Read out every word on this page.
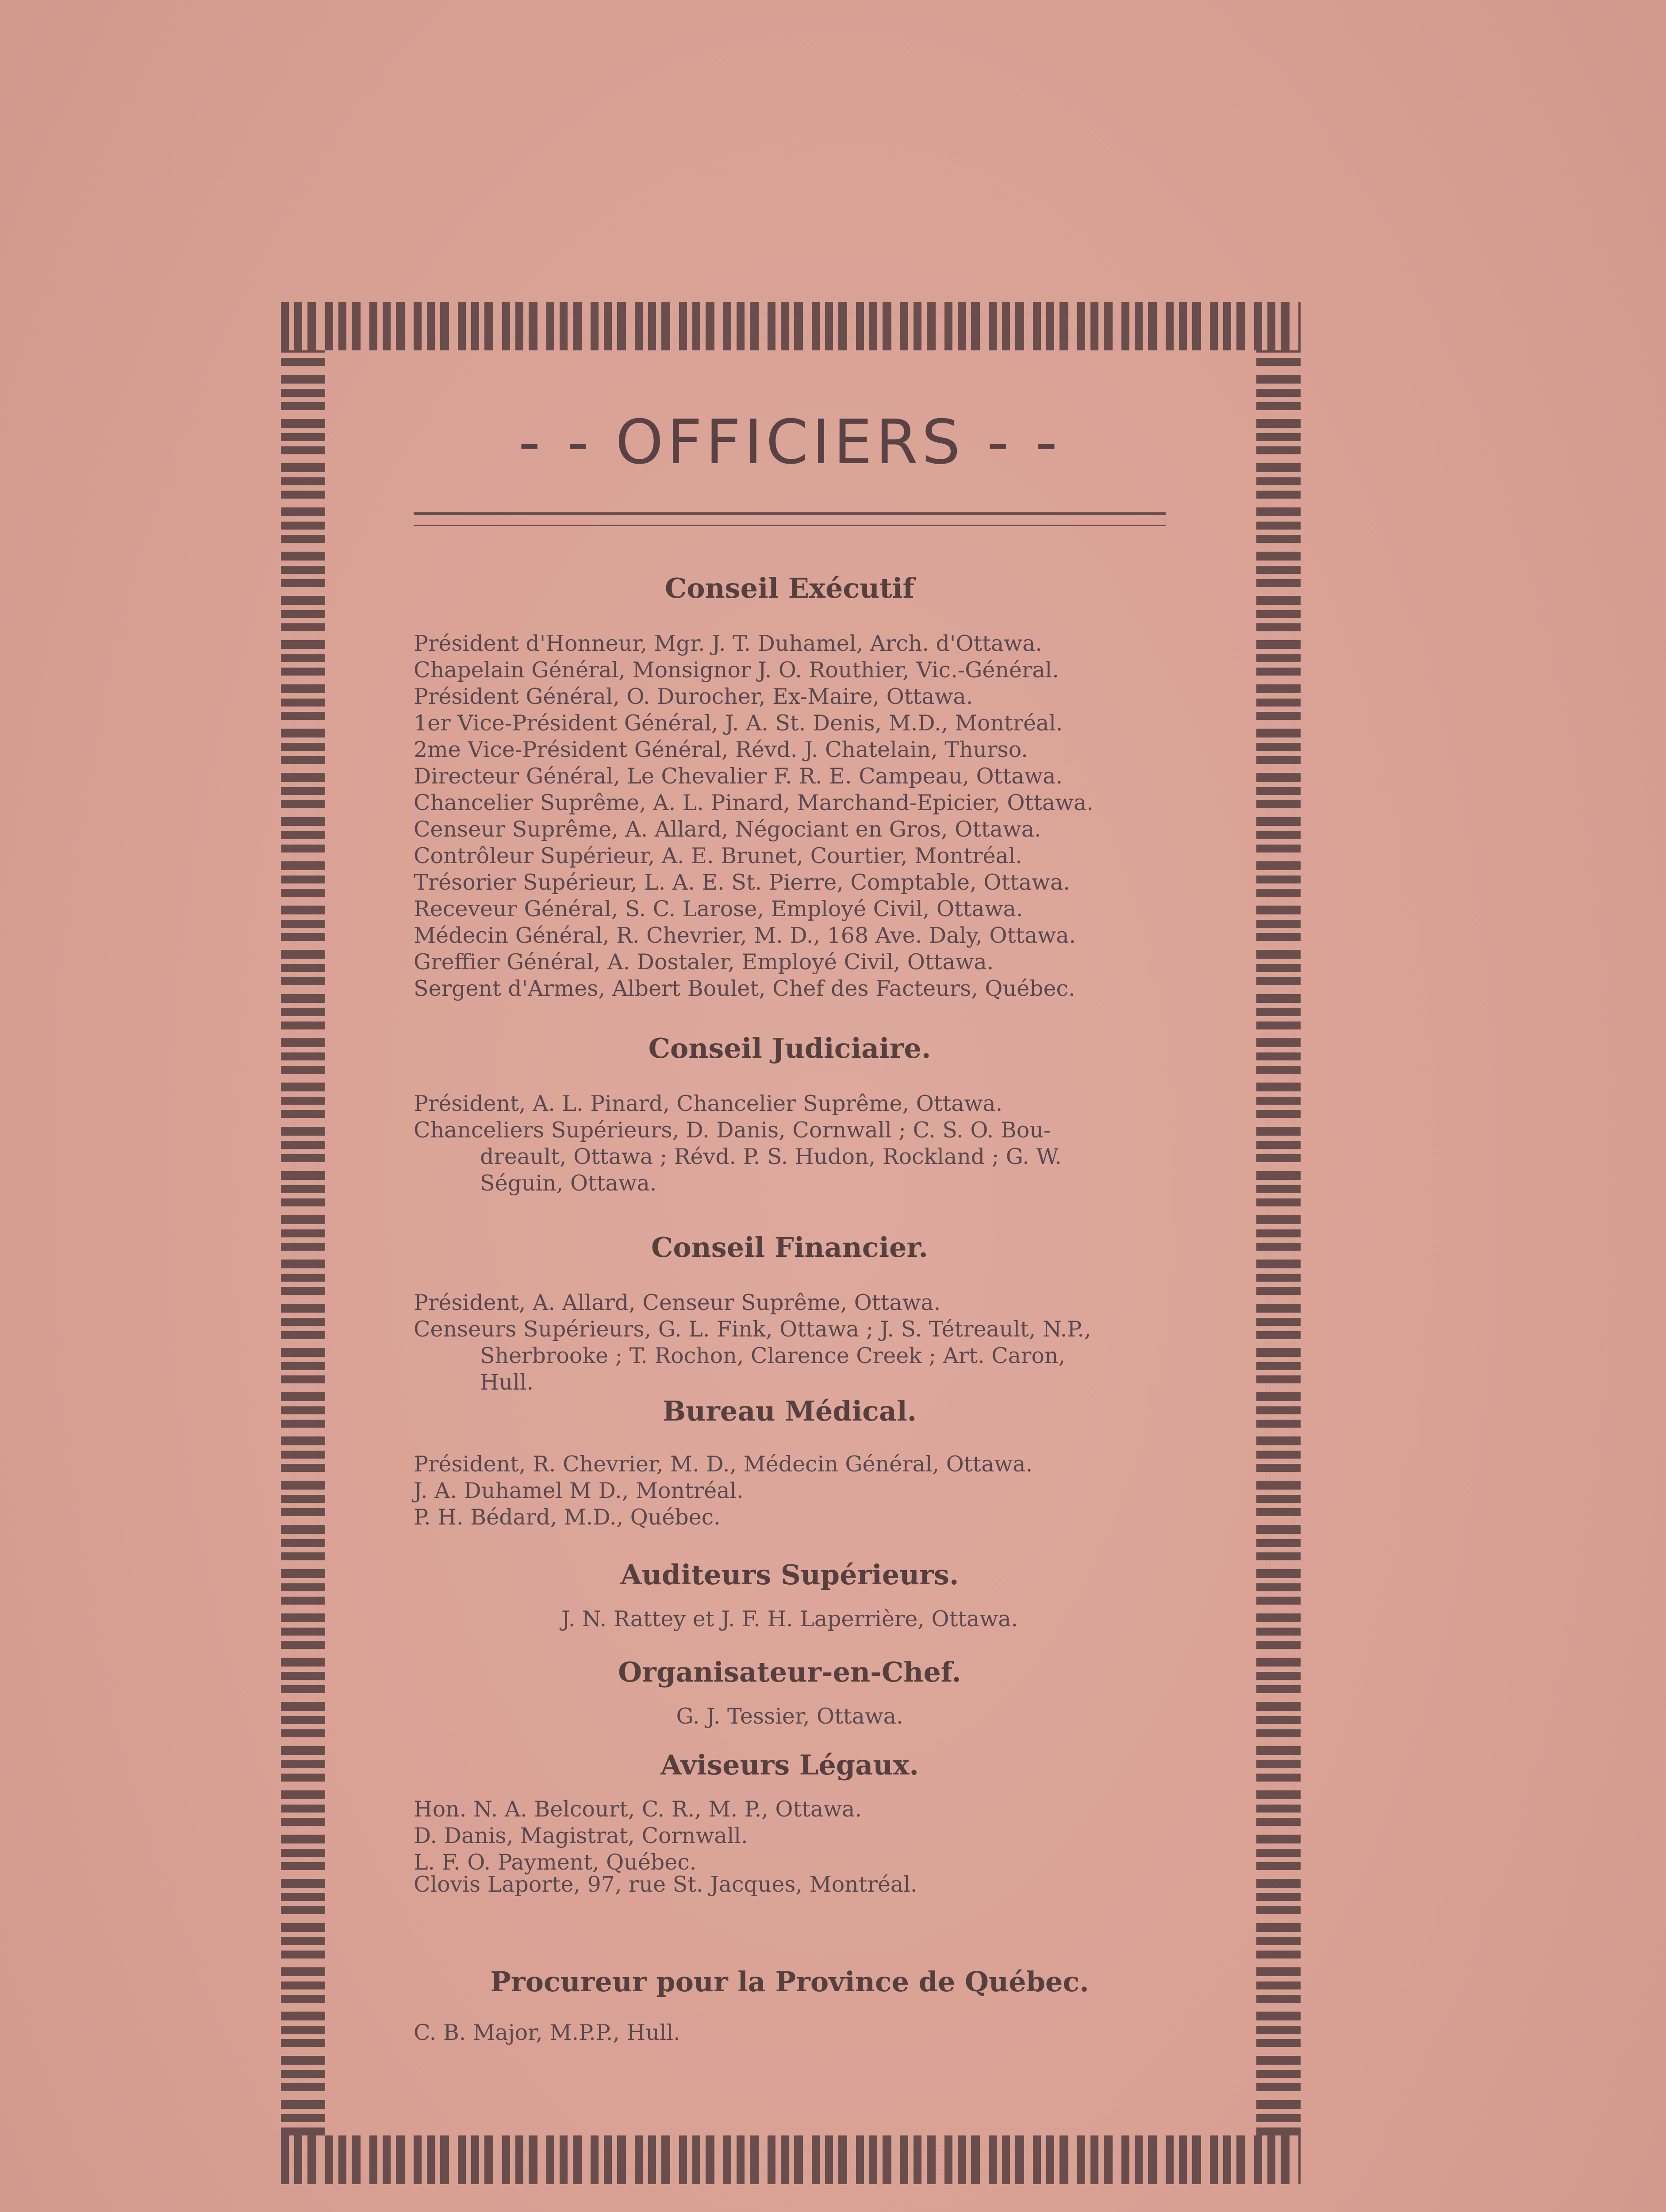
- - OFFICIERS - -
Conseil Exécutif
Président d'Honneur, Mgr. J. T. Duhamel, Arch. d'Ottawa.
Chapelain Général, Monsignor J. O. Routhier, Vic.-Général.
Président Général, O. Durocher, Ex-Maire, Ottawa.
1er Vice-Président Général, J. A. St. Denis, M.D., Montréal.
2me Vice-Président Général, Révd. J. Chatelain, Thurso.
Directeur Général, Le Chevalier F. R. E. Campeau, Ottawa.
Chancelier Suprême, A. L. Pinard, Marchand-Epicier, Ottawa.
Censeur Suprême, A. Allard, Négociant en Gros, Ottawa.
Contrôleur Supérieur, A. E. Brunet, Courtier, Montréal.
Trésorier Supérieur, L. A. E. St. Pierre, Comptable, Ottawa.
Receveur Général, S. C. Larose, Employé Civil, Ottawa.
Médecin Général, R. Chevrier, M. D., 168 Ave. Daly, Ottawa.
Greffier Général, A. Dostaler, Employé Civil, Ottawa.
Sergent d'Armes, Albert Boulet, Chef des Facteurs, Québec.
Conseil Judiciaire.
Président, A. L. Pinard, Chancelier Suprême, Ottawa.
Chanceliers Supérieurs, D. Danis, Cornwall ; C. S. O. Bou-
dreault, Ottawa ; Révd. P. S. Hudon, Rockland ; G. W.
Séguin, Ottawa.
Conseil Financier.
Président, A. Allard, Censeur Suprême, Ottawa.
Censeurs Supérieurs, G. L. Fink, Ottawa ; J. S. Tétreault, N.P.,
Sherbrooke ; T. Rochon, Clarence Creek ; Art. Caron,
Hull.
Bureau Médical.
Président, R. Chevrier, M. D., Médecin Général, Ottawa.
J. A. Duhamel M D., Montréal.
P. H. Bédard, M.D., Québec.
Auditeurs Supérieurs.
J. N. Rattey et J. F. H. Laperrière, Ottawa.
Organisateur-en-Chef.
G. J. Tessier, Ottawa.
Aviseurs Légaux.
Hon. N. A. Belcourt, C. R., M. P., Ottawa.
D. Danis, Magistrat, Cornwall.
L. F. O. Payment, Québec.
Clovis Laporte, 97, rue St. Jacques, Montréal.
Procureur pour la Province de Québec.
C. B. Major, M.P.P., Hull.
